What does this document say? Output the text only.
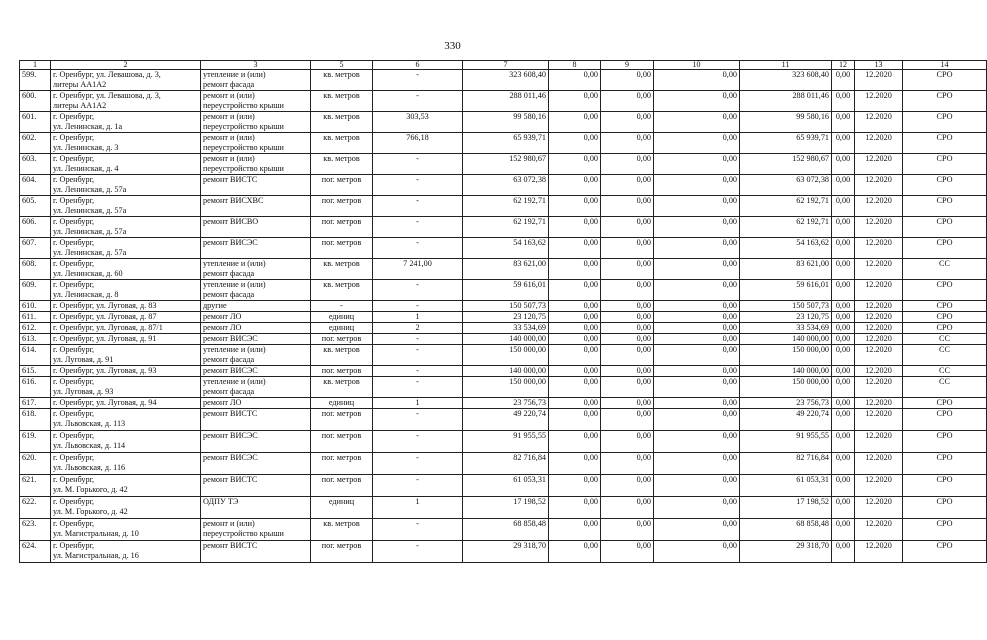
330
1	2	3	5	6	7	8	9	10	11	12	13	14
599.	г. Оренбург, ул. Левашова, д. 3,
литеры АА1А2	утепление и (или)
ремонт фасада	кв. метров	-	323 608,40	0,00	0,00	0,00	323 608,40	0,00	12.2020	СРО
600.	г. Оренбург, ул. Левашова, д. 3,
литеры АА1А2	ремонт и (или)
переустройство крыши	кв. метров	-	288 011,46	0,00	0,00	0,00	288 011,46	0,00	12.2020	СРО
601.	г. Оренбург,
ул. Ленинская, д. 1а	ремонт и (или)
переустройство крыши	кв. метров	303,53	99 580,16	0,00	0,00	0,00	99 580,16	0,00	12.2020	СРО
602.	г. Оренбург,
ул. Ленинская, д. 3	ремонт и (или)
переустройство крыши	кв. метров	766,18	65 939,71	0,00	0,00	0,00	65 939,71	0,00	12.2020	СРО
603.	г. Оренбург,
ул. Ленинская, д. 4	ремонт и (или)
переустройство крыши	кв. метров	-	152 980,67	0,00	0,00	0,00	152 980,67	0,00	12.2020	СРО
604.	г. Оренбург,
ул. Ленинская, д. 57а	ремонт ВИСТС	пог. метров	-	63 072,38	0,00	0,00	0,00	63 072,38	0,00	12.2020	СРО
605.	г. Оренбург,
ул. Ленинская, д. 57а	ремонт ВИСХВС	пог. метров	-	62 192,71	0,00	0,00	0,00	62 192,71	0,00	12.2020	СРО
606.	г. Оренбург,
ул. Ленинская, д. 57а	ремонт ВИСВО	пог. метров	-	62 192,71	0,00	0,00	0,00	62 192,71	0,00	12.2020	СРО
607.	г. Оренбург,
ул. Ленинская, д. 57а	ремонт ВИСЭС	пог. метров	-	54 163,62	0,00	0,00	0,00	54 163,62	0,00	12.2020	СРО
608.	г. Оренбург,
ул. Ленинская, д. 60	утепление и (или)
ремонт фасада	кв. метров	7 241,00	83 621,00	0,00	0,00	0,00	83 621,00	0,00	12.2020	СС
609.	г. Оренбург,
ул. Ленинская, д. 8	утепление и (или)
ремонт фасада	кв. метров	-	59 616,01	0,00	0,00	0,00	59 616,01	0,00	12.2020	СРО
610.	г. Оренбург, ул. Луговая, д. 83	другие	-	-	150 507,73	0,00	0,00	0,00	150 507,73	0,00	12.2020	СРО
611.	г. Оренбург, ул. Луговая, д. 87	ремонт ЛО	единиц	1	23 120,75	0,00	0,00	0,00	23 120,75	0,00	12.2020	СРО
612.	г. Оренбург, ул. Луговая, д. 87/1	ремонт ЛО	единиц	2	33 534,69	0,00	0,00	0,00	33 534,69	0,00	12.2020	СРО
613.	г. Оренбург, ул. Луговая, д. 91	ремонт ВИСЭС	пог. метров	-	140 000,00	0,00	0,00	0,00	140 000,00	0,00	12.2020	СС
614.	г. Оренбург,
ул. Луговая, д. 91	утепление и (или)
ремонт фасада	кв. метров	-	150 000,00	0,00	0,00	0,00	150 000,00	0,00	12.2020	СС
615.	г. Оренбург, ул. Луговая, д. 93	ремонт ВИСЭС	пог. метров	-	140 000,00	0,00	0,00	0,00	140 000,00	0,00	12.2020	СС
616.	г. Оренбург,
ул. Луговая, д. 93	утепление и (или)
ремонт фасада	кв. метров	-	150 000,00	0,00	0,00	0,00	150 000,00	0,00	12.2020	СС
617.	г. Оренбург, ул. Луговая, д. 94	ремонт ЛО	единиц	1	23 756,73	0,00	0,00	0,00	23 756,73	0,00	12.2020	СРО
618.	г. Оренбург,
ул. Львовская, д. 113	ремонт ВИСТС	пог. метров	-	49 220,74	0,00	0,00	0,00	49 220,74	0,00	12.2020	СРО
619.	г. Оренбург,
ул. Львовская, д. 114	ремонт ВИСЭС	пог. метров	-	91 955,55	0,00	0,00	0,00	91 955,55	0,00	12.2020	СРО
620.	г. Оренбург,
ул. Львовская, д. 116	ремонт ВИСЭС	пог. метров	-	82 716,84	0,00	0,00	0,00	82 716,84	0,00	12.2020	СРО
621.	г. Оренбург,
ул. М. Горького, д. 42	ремонт ВИСТС	пог. метров	-	61 053,31	0,00	0,00	0,00	61 053,31	0,00	12.2020	СРО
622.	г. Оренбург,
ул. М. Горького, д. 42	ОДПУ ТЭ	единиц	1	17 198,52	0,00	0,00	0,00	17 198,52	0,00	12.2020	СРО
623.	г. Оренбург,
ул. Магистральная, д. 10	ремонт и (или)
переустройство крыши	кв. метров	-	68 858,48	0,00	0,00	0,00	68 858,48	0,00	12.2020	СРО
624.	г. Оренбург,
ул. Магистральная, д. 16	ремонт ВИСТС	пог. метров	-	29 318,70	0,00	0,00	0,00	29 318,70	0,00	12.2020	СРО
